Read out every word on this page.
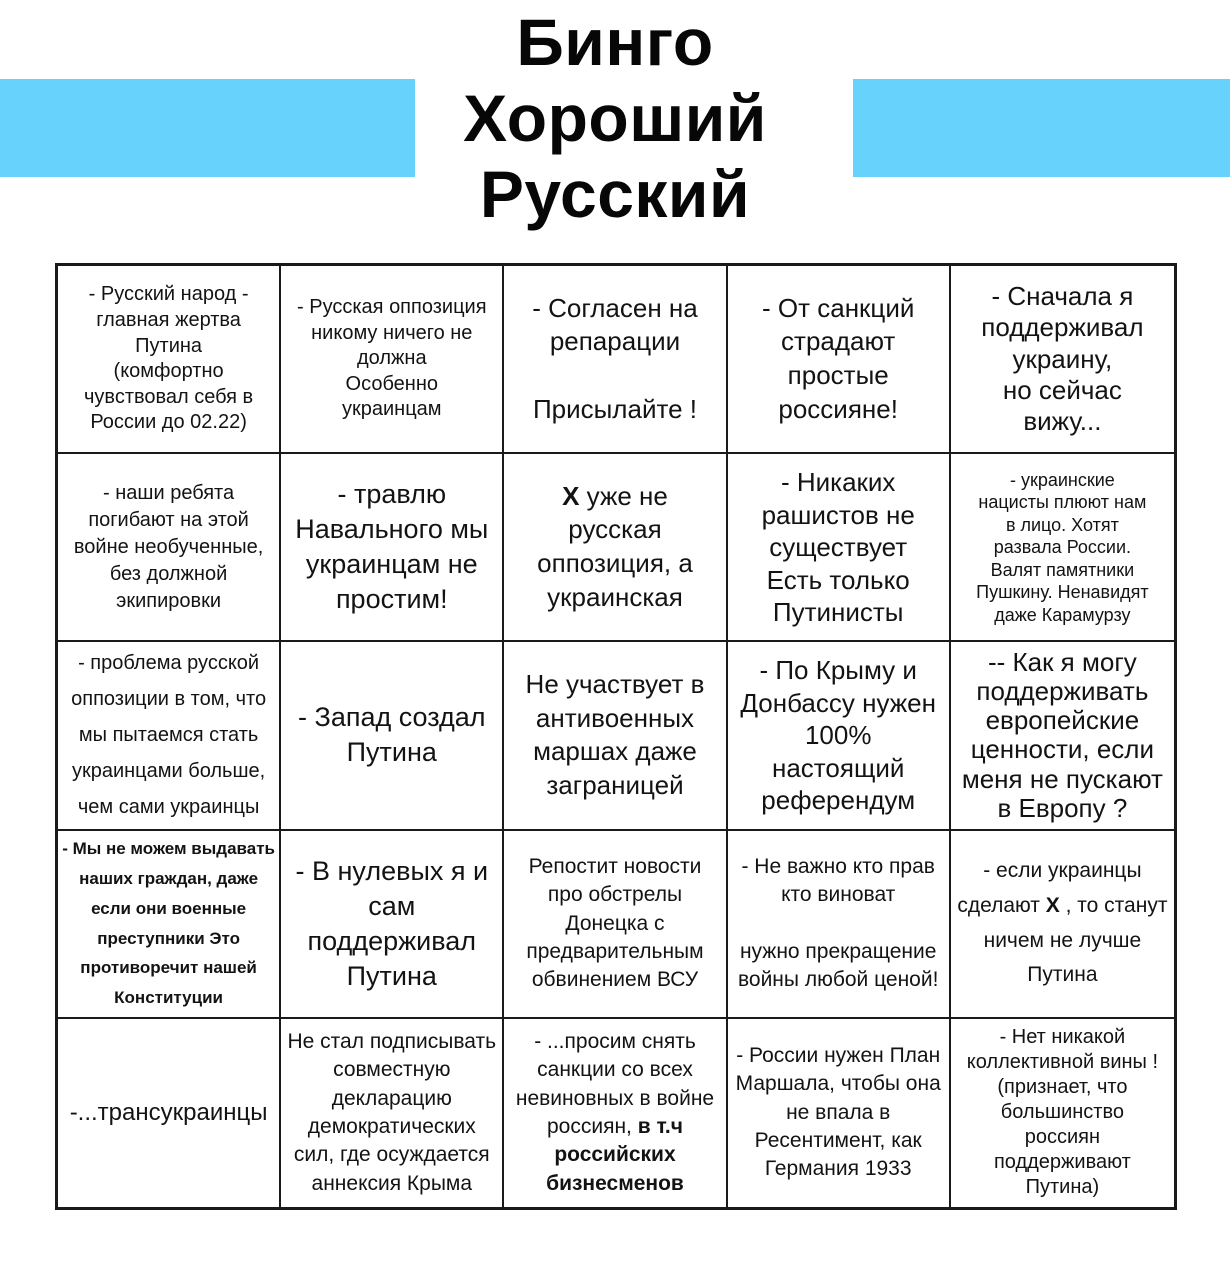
Бинго
Хороший
Русский
- Русский народ -
главная жертва
Путина
(комфортно
чувствовал себя в
России до 02.22)
- Русская оппозиция
никому ничего не
должна
Особенно
украинцам
- Согласен на
репарации

Присылайте !
- От санкций
страдают
простые
россияне!
- Сначала я
поддерживал
украину,
но сейчас
вижу...
- наши ребята
погибают на этой
войне необученные,
без должной
экипировки
- травлю
Навального мы
украинцам не
простим!
X уже не
русская
оппозиция, а
украинская
- Никаких
рашистов не
существует
Есть только
Путинисты
- украинские
нацисты плюют нам
в лицо. Хотят
развала России.
Валят памятники
Пушкину. Ненавидят
даже Карамурзу
- проблема русской
оппозиции в том, что
мы пытаемся стать
украинцами больше,
чем сами украинцы
- Запад создал
Путина
Не участвует в
антивоенных
маршах даже
заграницей
- По Крыму и
Донбассу нужен
100%
настоящий
референдум
-- Как я могу
поддерживать
европейские
ценности, если
меня не пускают
в Европу ?
- Мы не можем выдавать
наших граждан, даже
если они военные
преступники Это
противоречит нашей
Конституции
- В нулевых я и
сам
поддерживал
Путина
Репостит новости
про обстрелы
Донецка с
предварительным
обвинением ВСУ
- Не важно кто прав
кто виноват

нужно прекращение
войны любой ценой!
- если украинцы
сделают X , то станут
ничем не лучше
Путина
-...трансукраинцы
Не стал подписывать
совместную
декларацию
демократических
сил, где осуждается
аннексия Крыма
- ...просим снять
санкции со всех
невиновных в войне
россиян, в т.ч
российских
бизнесменов
- России нужен План
Маршала, чтобы она
не впала в
Ресентимент, как
Германия 1933
- Нет никакой
коллективной вины !
(признает, что
большинство
россиян
поддерживают
Путина)
